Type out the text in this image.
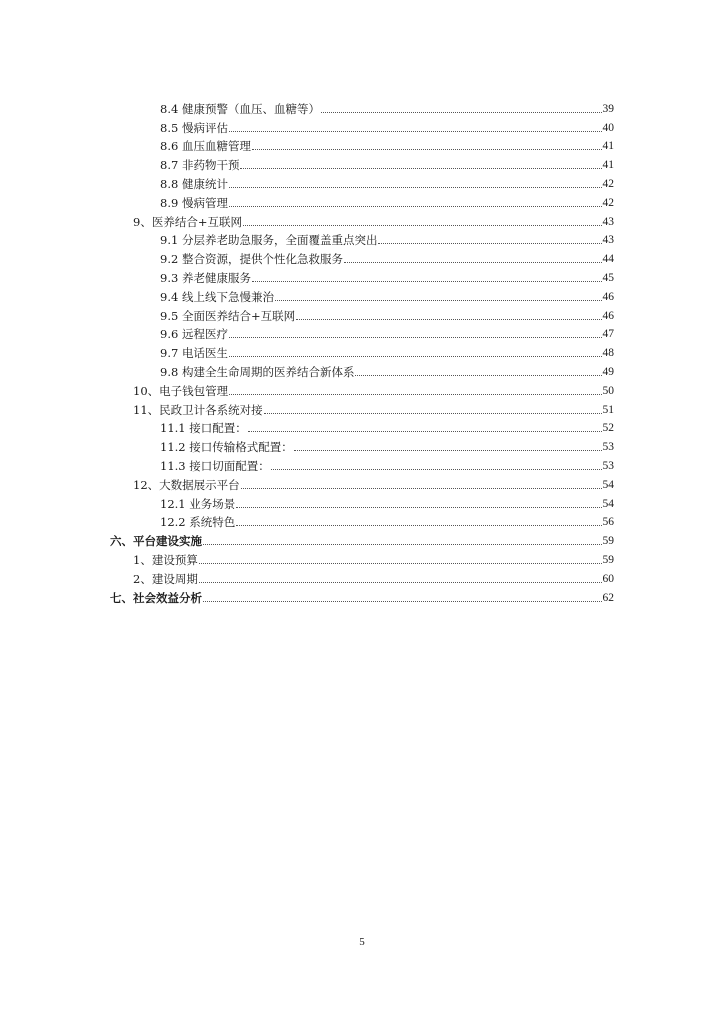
8.4 健康预警（血压、血糖等）	39
8.5 慢病评估	40
8.6 血压血糖管理	41
8.7 非药物干预	41
8.8 健康统计	42
8.9 慢病管理	42
9、医养结合+互联网	43
9.1 分层养老助急服务，全面覆盖重点突出	43
9.2 整合资源，提供个性化急救服务	44
9.3 养老健康服务	45
9.4 线上线下急慢兼治	46
9.5 全面医养结合+互联网	46
9.6 远程医疗	47
9.7 电话医生	48
9.8 构建全生命周期的医养结合新体系	49
10、电子钱包管理	50
11、民政卫计各系统对接	51
11.1 接口配置：	52
11.2 接口传输格式配置：	53
11.3 接口切面配置：	53
12、大数据展示平台	54
12.1 业务场景	54
12.2 系统特色	56
六、平台建设实施	59
1、建设预算	59
2、建设周期	60
七、社会效益分析	62
5
